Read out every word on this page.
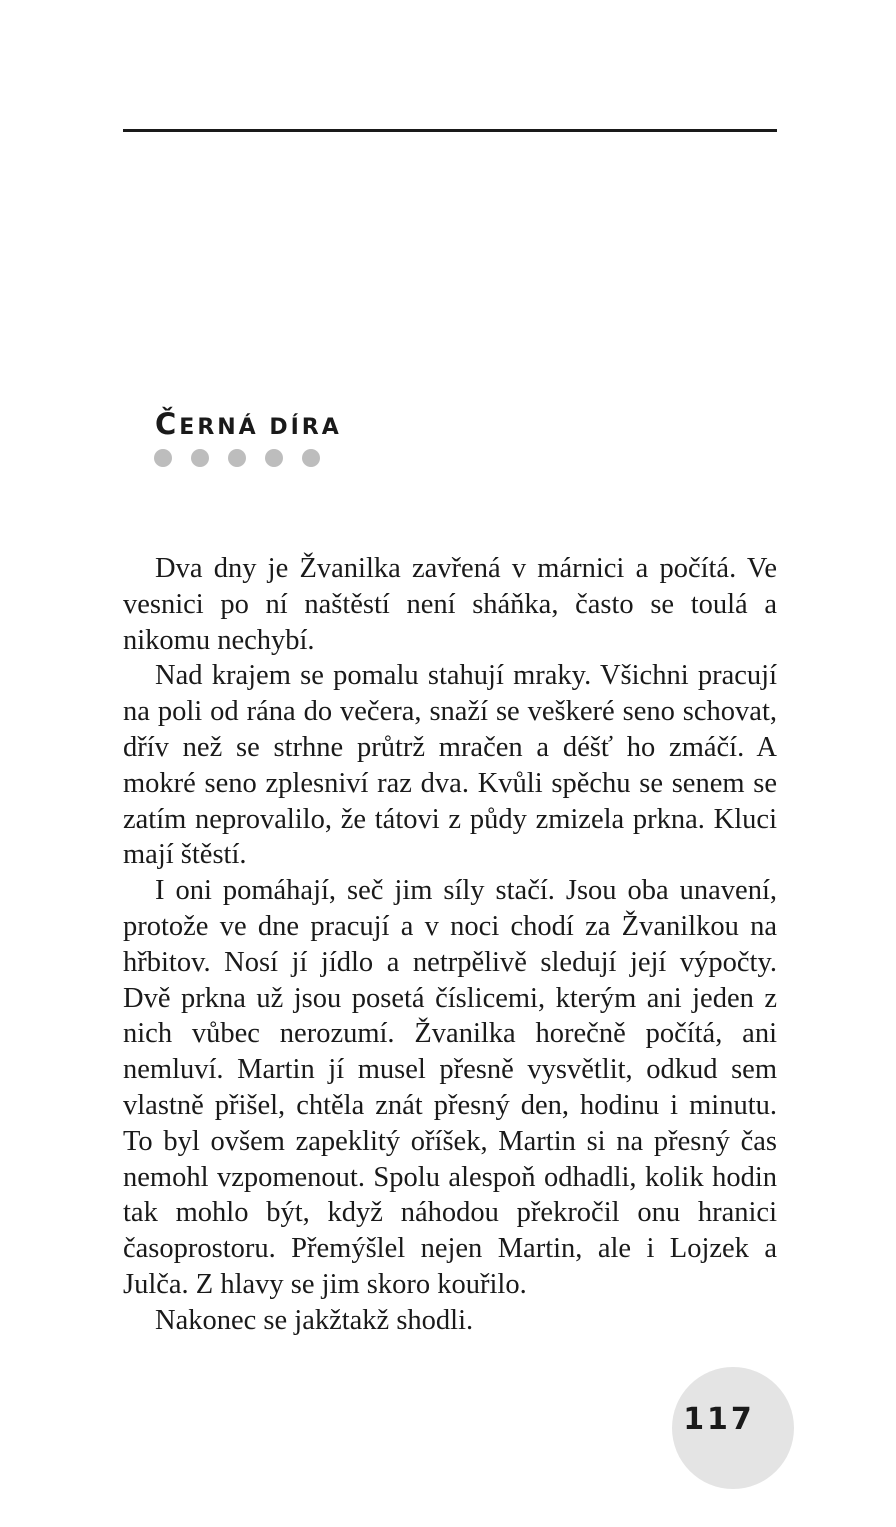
ČERNÁ DÍRA

Dva dny je Žvanilka zavřená v márnici a počítá. Ve vesnici po ní naštěstí není sháňka, často se toulá a nikomu nechybí.

Nad krajem se pomalu stahují mraky. Všichni pracují na poli od rána do večera, snaží se veškeré seno schovat, dřív než se strhne průtrž mračen a déšť ho zmáčí. A mokré seno zplesniví raz dva. Kvůli spěchu se senem se zatím neprovalilo, že tátovi z půdy zmizela prkna. Kluci mají štěstí.

I oni pomáhají, seč jim síly stačí. Jsou oba unavení, protože ve dne pracují a v noci chodí za Žvanilkou na hřbitov. Nosí jí jídlo a netrpělivě sledují její výpočty. Dvě prkna už jsou posetá číslicemi, kterým ani jeden z nich vůbec nerozumí. Žvanilka horečně počítá, ani nemluví. Martin jí musel přesně vysvětlit, odkud sem vlastně přišel, chtěla znát přesný den, hodinu i minutu. To byl ovšem zapeklitý oříšek, Martin si na přesný čas nemohl vzpomenout. Spolu alespoň odhadli, kolik hodin tak mohlo být, když náhodou překročil onu hranici časoprostoru. Přemýšlel nejen Martin, ale i Lojzek a Julča. Z hlavy se jim skoro kouřilo.

Nakonec se jakžtakž shodli.

117
